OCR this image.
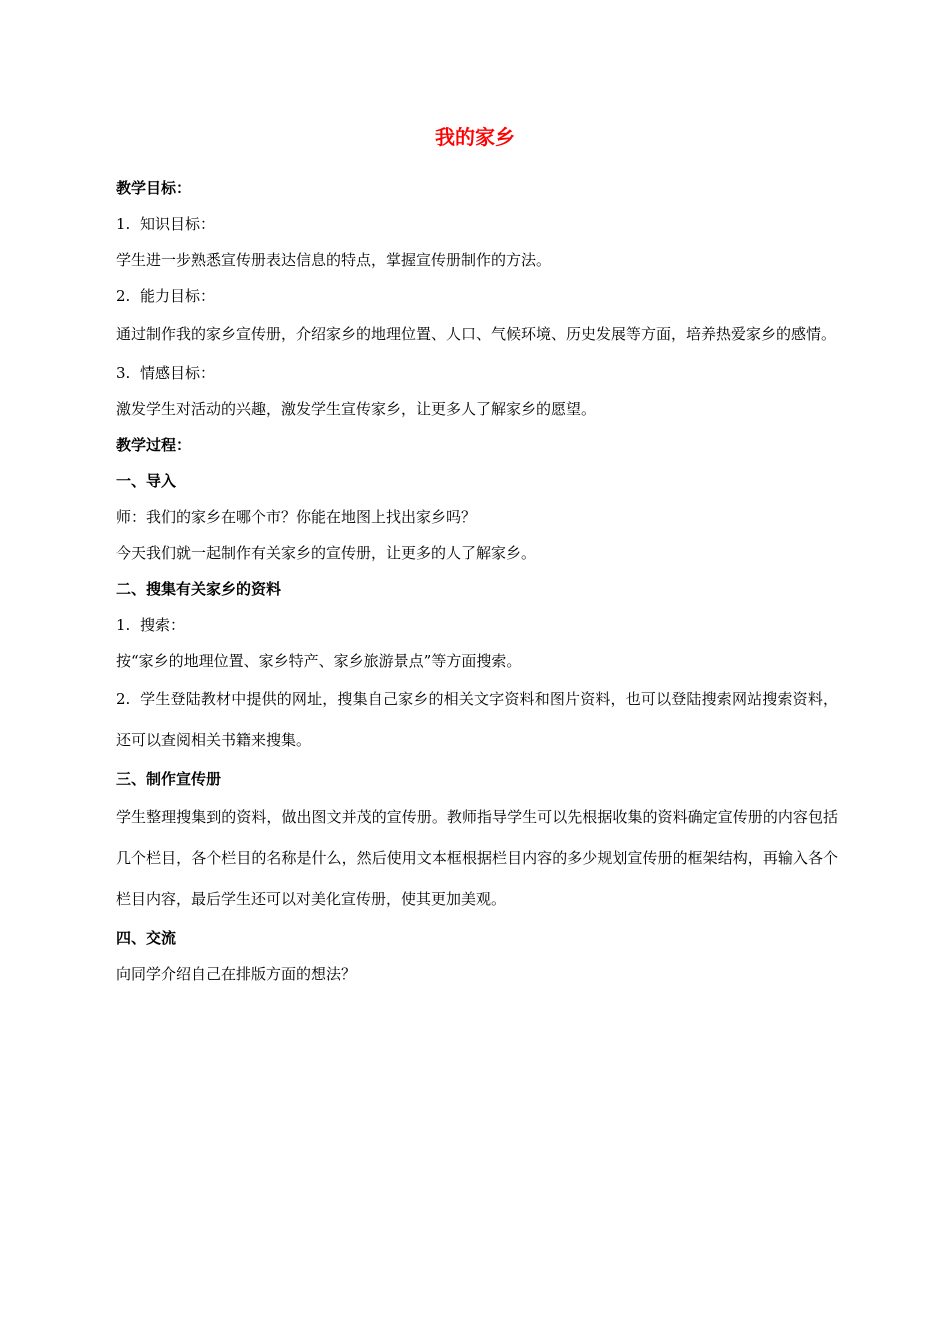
我的家乡
教学目标：
1. 知识目标：
学生进一步熟悉宣传册表达信息的特点，掌握宣传册制作的方法。
2. 能力目标：
通过制作我的家乡宣传册，介绍家乡的地理位置、人口、气候环境、历史发展等方面，培养热爱家乡的感情。
3. 情感目标：
激发学生对活动的兴趣，激发学生宣传家乡，让更多人了解家乡的愿望。
教学过程：
一、导入
师：我们的家乡在哪个市？你能在地图上找出家乡吗？
今天我们就一起制作有关家乡的宣传册，让更多的人了解家乡。
二、搜集有关家乡的资料
1. 搜索：
按“家乡的地理位置、家乡特产、家乡旅游景点”等方面搜索。
2. 学生登陆教材中提供的网址，搜集自己家乡的相关文字资料和图片资料，也可以登陆搜索网站搜索资料，还可以查阅相关书籍来搜集。
三、制作宣传册
学生整理搜集到的资料，做出图文并茂的宣传册。教师指导学生可以先根据收集的资料确定宣传册的内容包括几个栏目，各个栏目的名称是什么，然后使用文本框根据栏目内容的多少规划宣传册的框架结构，再输入各个栏目内容，最后学生还可以对美化宣传册，使其更加美观。
四、交流
向同学介绍自己在排版方面的想法？
